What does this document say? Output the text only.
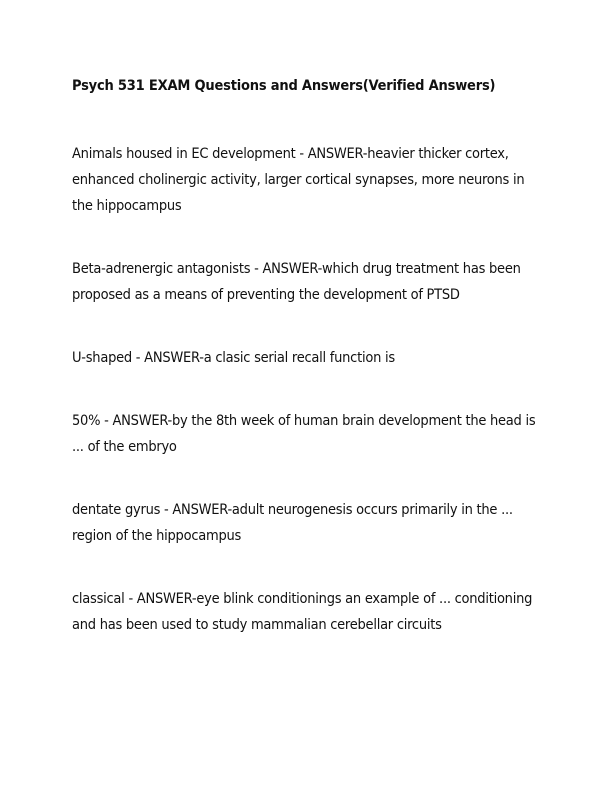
Psych 531 EXAM Questions and Answers(Verified Answers)

Animals housed in EC development - ANSWER-heavier thicker cortex, enhanced cholinergic activity, larger cortical synapses, more neurons in the hippocampus

Beta-adrenergic antagonists - ANSWER-which drug treatment has been proposed as a means of preventing the development of PTSD

U-shaped - ANSWER-a clasic serial recall function is

50% - ANSWER-by the 8th week of human brain development the head is ... of the embryo

dentate gyrus - ANSWER-adult neurogenesis occurs primarily in the ... region of the hippocampus

classical - ANSWER-eye blink conditionings an example of ... conditioning and has been used to study mammalian cerebellar circuits
